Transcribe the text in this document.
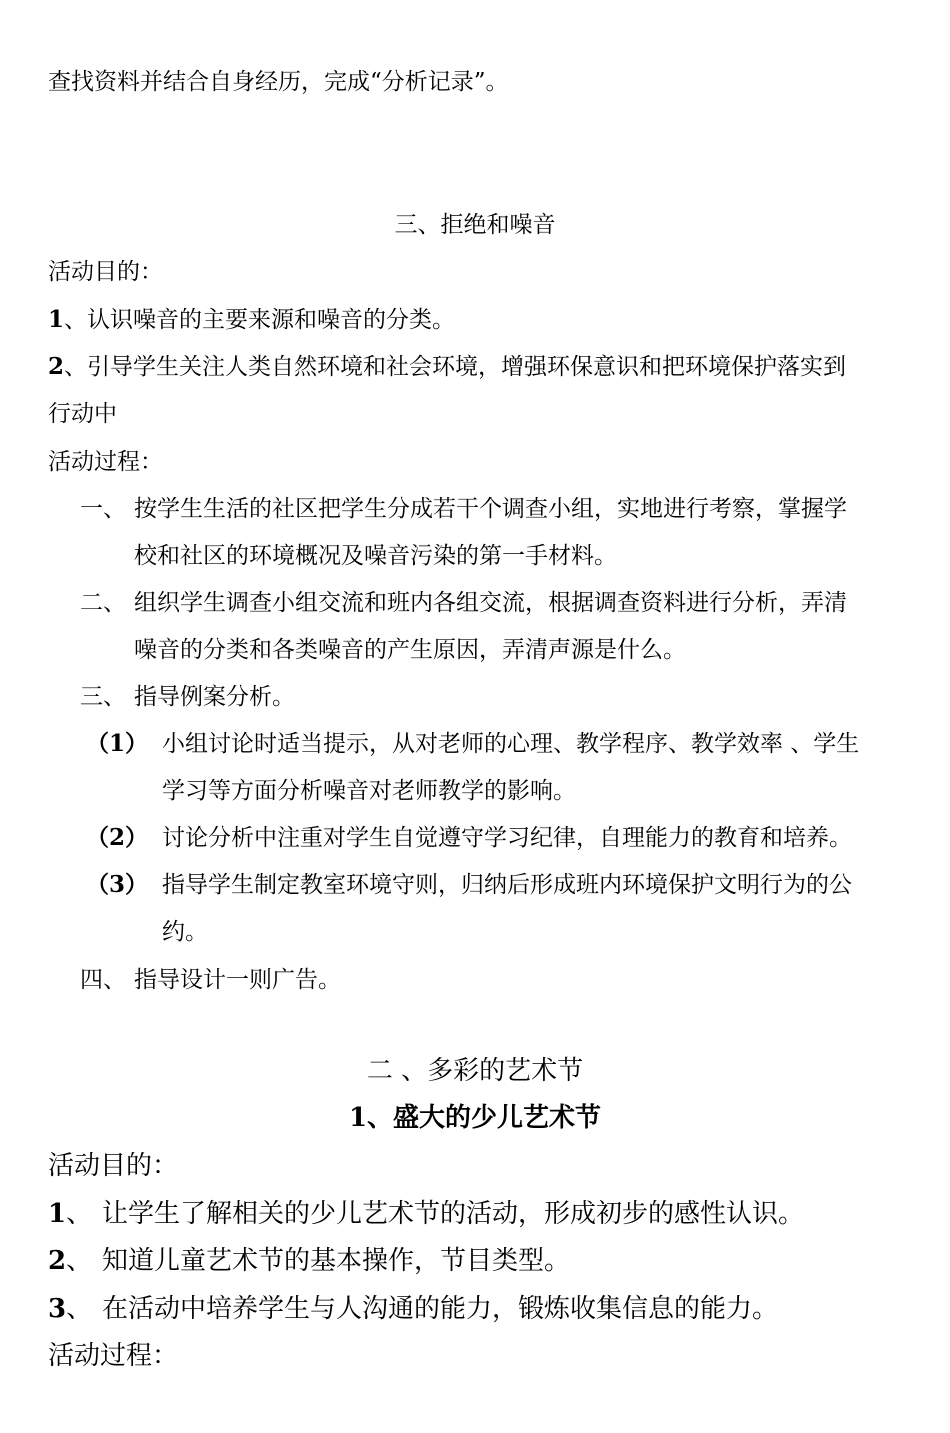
查找资料并结合自身经历，完成“分析记录”。
三、拒绝和噪音
活动目的：
1、认识噪音的主要来源和噪音的分类。
2、引导学生关注人类自然环境和社会环境，增强环保意识和把环境保护落实到
行动中
活动过程：
一、 按学生生活的社区把学生分成若干个调查小组，实地进行考察，掌握学
校和社区的环境概况及噪音污染的第一手材料。
二、 组织学生调查小组交流和班内各组交流，根据调查资料进行分析，弄清
噪音的分类和各类噪音的产生原因，弄清声源是什么。
三、 指导例案分析。
（1） 小组讨论时适当提示，从对老师的心理、教学程序、教学效率 、学生
学习等方面分析噪音对老师教学的影响。
（2） 讨论分析中注重对学生自觉遵守学习纪律，自理能力的教育和培养。
（3） 指导学生制定教室环境守则，归纳后形成班内环境保护文明行为的公
约。
四、 指导设计一则广告。
二 、多彩的艺术节
1、盛大的少儿艺术节
活动目的：
1、 让学生了解相关的少儿艺术节的活动，形成初步的感性认识。
2、 知道儿童艺术节的基本操作，节目类型。
3、 在活动中培养学生与人沟通的能力，锻炼收集信息的能力。
活动过程：
